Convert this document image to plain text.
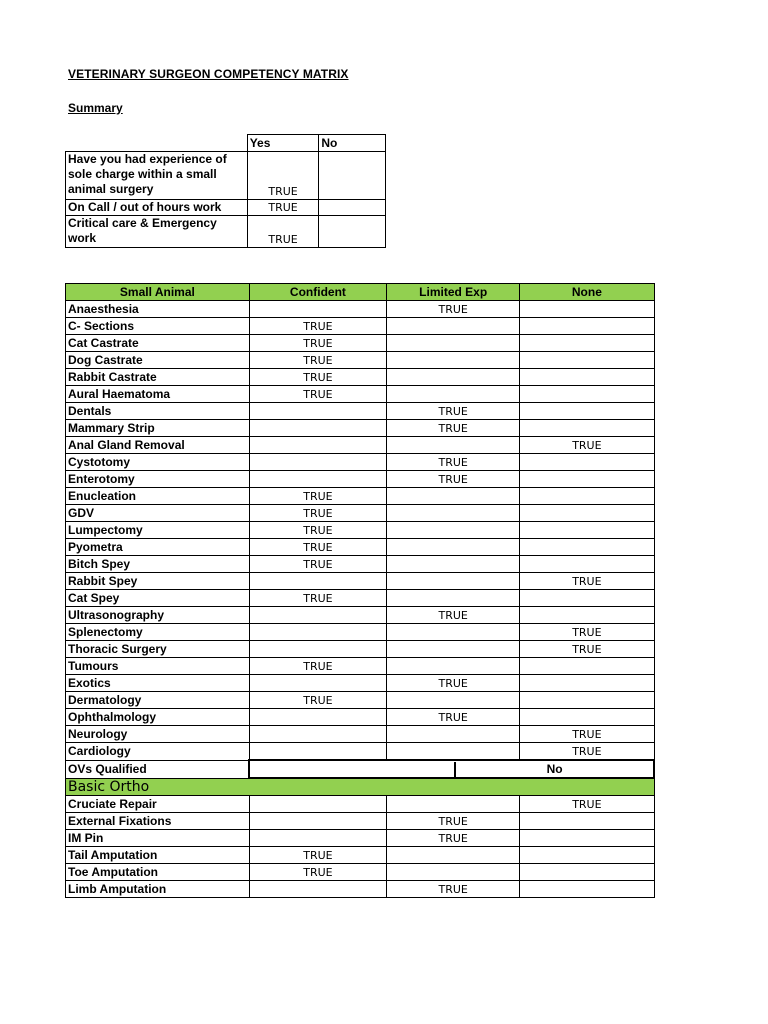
VETERINARY SURGEON COMPETENCY MATRIX
Summary
	Yes	No
Have you had experience of sole charge within a small animal surgery	TRUE	
On Call / out of hours work	TRUE	
Critical care & Emergency work	TRUE	
Small Animal	Confident	Limited Exp	None
Anaesthesia		TRUE	
C- Sections	TRUE		
Cat Castrate	TRUE		
Dog Castrate	TRUE		
Rabbit Castrate	TRUE		
Aural Haematoma	TRUE		
Dentals		TRUE	
Mammary Strip		TRUE	
Anal Gland Removal			TRUE
Cystotomy		TRUE	
Enterotomy		TRUE	
Enucleation	TRUE		
GDV	TRUE		
Lumpectomy	TRUE		
Pyometra	TRUE		
Bitch Spey	TRUE		
Rabbit Spey			TRUE
Cat Spey	TRUE		
Ultrasonography		TRUE	
Splenectomy			TRUE
Thoracic Surgery			TRUE
Tumours	TRUE		
Exotics		TRUE	
Dermatology	TRUE		
Ophthalmology		TRUE	
Neurology			TRUE
Cardiology			TRUE
OVs Qualified	No		

Basic Ortho			
Cruciate Repair			TRUE
External Fixations		TRUE	
IM Pin		TRUE	
Tail Amputation	TRUE		
Toe Amputation	TRUE		
Limb Amputation		TRUE	
